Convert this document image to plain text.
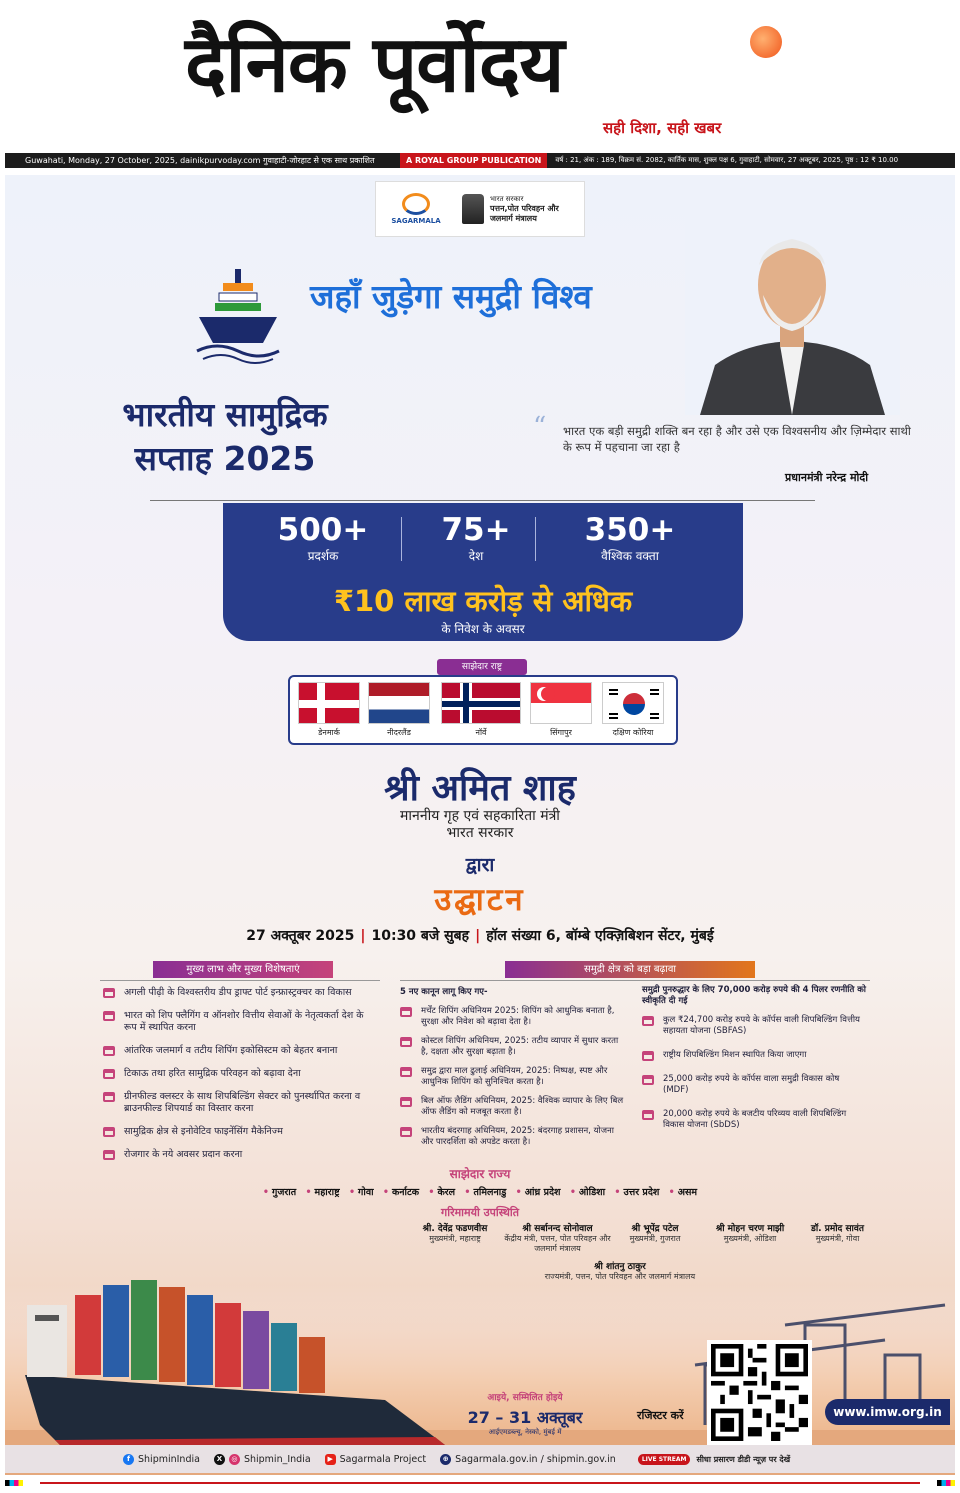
दैनिक पूर्वोदय
सही दिशा, सही खबर
Guwahati, Monday, 27 October, 2025, dainikpurvoday.com गुवाहाटी-जोरहाट से एक साथ प्रकाशित	A ROYAL GROUP PUBLICATION	वर्ष : 21, अंक : 189, विक्रम सं. 2082, कार्तिक मास, शुक्ल पक्ष 6, गुवाहाटी, सोमवार, 27 अक्टूबर, 2025, पृष्ठ : 12 ₹ 10.00
SAGARMALA
भारत सरकार
पत्तन,पोत परिवहन और
जलमार्ग मंत्रालय
जहाँ जुड़ेगा समुद्री विश्व
भारतीय सामुद्रिक
सप्ताह 2025
“	भारत एक बड़ी समुद्री शक्ति बन रहा है और उसे एक विश्वसनीय और ज़िम्मेदार साथी के रूप में पहचाना जा रहा है
प्रधानमंत्री नरेन्द्र मोदी
500+
प्रदर्शक
75+
देश
350+
वैश्विक वक्ता
₹10 लाख करोड़ से अधिक
के निवेश के अवसर
साझेदार राष्ट्र
डेनमार्क	नीदरलैंड	नॉर्वे	सिंगापुर	दक्षिण कोरिया
श्री अमित शाह
माननीय गृह एवं सहकारिता मंत्री
भारत सरकार
द्वारा
उद्घाटन
27 अक्तूबर 2025 | 10:30 बजे सुबह | हॉल संख्या 6, बॉम्बे एक्ज़िबिशन सेंटर, मुंबई
मुख्य लाभ और मुख्य विशेषताएं	समुद्री क्षेत्र को बड़ा बढ़ावा
अगली पीढ़ी के विश्वस्तरीय डीप ड्राफ्ट पोर्ट इन्फ्रास्ट्रक्चर का विकास
भारत को शिप फ्लैगिंग व ऑनशोर वित्तीय सेवाओं के नेतृत्वकर्ता देश के रूप में स्थापित करना
आंतरिक जलमार्ग व तटीय शिपिंग इकोसिस्टम को बेहतर बनाना
टिकाऊ तथा हरित सामुद्रिक परिवहन को बढ़ावा देना
ग्रीनफील्ड क्लस्टर के साथ शिपबिल्डिंग सेक्टर को पुनर्स्थापित करना व ब्राउनफील्ड शिपयार्ड का विस्तार करना
सामुद्रिक क्षेत्र से इनोवेटिव फाइनेंसिंग मैकेनिज्म
रोजगार के नये अवसर प्रदान करना
5 नए कानून लागू किए गए-
मर्चेंट शिपिंग अधिनियम 2025: शिपिंग को आधुनिक बनाता है, सुरक्षा और निवेश को बढ़ावा देता है।
कोस्टल शिपिंग अधिनियम, 2025: तटीय व्यापार में सुधार करता है, दक्षता और सुरक्षा बढ़ाता है।
समुद्र द्वारा माल ढुलाई अधिनियम, 2025: निष्पक्ष, स्पष्ट और आधुनिक शिपिंग को सुनिश्चित करता है।
बिल ऑफ लैडिंग अधिनियम, 2025: वैश्विक व्यापार के लिए बिल ऑफ लैडिंग को मजबूत करता है।
भारतीय बंदरगाह अधिनियम, 2025: बंदरगाह प्रशासन, योजना और पारदर्शिता को अपडेट करता है।
समुद्री पुनरुद्धार के लिए 70,000 करोड़ रुपये की 4 पिलर रणनीति को स्वीकृति दी गई
कुल ₹24,700 करोड़ रुपये के कॉर्पस वाली शिपबिल्डिंग वित्तीय सहायता योजना (SBFAS)
राष्ट्रीय शिपबिल्डिंग मिशन स्थापित किया जाएगा
25,000 करोड़ रुपये के कॉर्पस वाला समुद्री विकास कोष (MDF)
20,000 करोड़ रुपये के बजटीय परिव्यय वाली शिपबिल्डिंग विकास योजना (SbDS)
साझेदार राज्य
• गुजरात • महाराष्ट्र • गोवा • कर्नाटक • केरल • तमिलनाडु • आंध्र प्रदेश • ओडिशा • उत्तर प्रदेश • असम
गरिमामयी उपस्थिति
श्री. देवेंद्र फडणवीस
मुख्यमंत्री, महाराष्ट्र
श्री सर्बानन्द सोनोवाल
केंद्रीय मंत्री, पत्तन, पोत परिवहन और जलमार्ग मंत्रालय
श्री भूपेंद्र पटेल
मुख्यमंत्री, गुजरात
श्री मोहन चरण माझी
मुख्यमंत्री, ओडिशा
डॉ. प्रमोद सावंत
मुख्यमंत्री, गोवा
श्री शांतनु ठाकुर
राज्यमंत्री, पत्तन, पोत परिवहन और जलमार्ग मंत्रालय
आइये, सम्मिलित होइये
27 – 31 अक्तूबर
आईएमडब्ल्यू, नेस्को, मुंबई में
रजिस्टर करें	www.imw.org.in
f ShipminIndia	X	◎ Shipmin_India	▶ Sagarmala Project	⊕ Sagarmala.gov.in / shipmin.gov.in	LIVE STREAM	सीधा प्रसारण डीडी न्यूज़ पर देखें
